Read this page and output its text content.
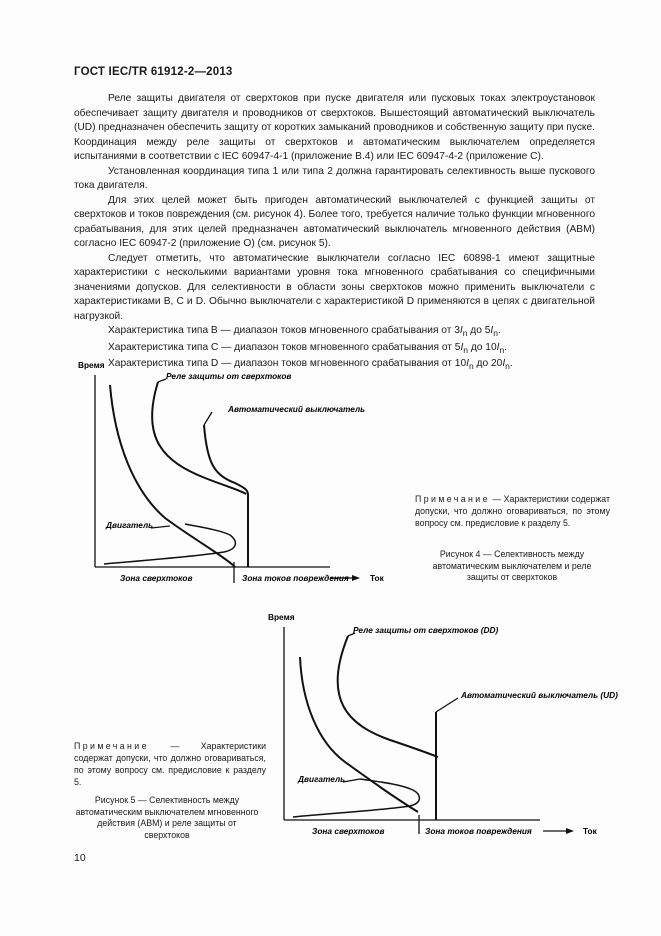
ГОСТ IEC/TR 61912-2—2013

Реле защиты двигателя от сверхтоков при пуске двигателя или пусковых токах электроустановок обеспечивает защиту двигателя и проводников от сверхтоков. Вышестоящий автоматический выключатель (UD) предназначен обеспечить защиту от коротких замыканий проводников и собственную защиту при пуске. Координация между реле защиты от сверхтоков и автоматическим выключателем определяется испытаниями в соответствии с IEC 60947-4-1 (приложение В.4) или IEC 60947-4-2 (приложение С).

Установленная координация типа 1 или типа 2 должна гарантировать селективность выше пускового тока двигателя.

Для этих целей может быть пригоден автоматический выключателей с функцией защиты от сверхтоков и токов повреждения (см. рисунок 4). Более того, требуется наличие только функции мгновенного срабатывания, для этих целей предназначен автоматический выключатель мгновенного действия (АВМ) согласно IEC 60947-2 (приложение О) (см. рисунок 5).

Следует отметить, что автоматические выключатели согласно IEC 60898-1 имеют защитные характеристики с несколькими вариантами уровня тока мгновенного срабатывания со специфичными значениями допусков. Для селективности в области зоны сверхтоков можно применить выключатели с характеристиками В, С и D. Обычно выключатели с характеристикой D применяются в цепях с двигательной нагрузкой.

Характеристика типа В — диапазон токов мгновенного срабатывания от $3I_n$ до $5I_n$.

Характеристика типа С — диапазон токов мгновенного срабатывания от $5I_n$ до $10I_n$.

Характеристика типа D — диапазон токов мгновенного срабатывания от $10I_n$ до $20I_n$.

Время
Реле защиты от сверхтоков
Автоматический выключатель
Двигатель
Зона сверхтоков	Зона токов повреждения	Ток
Примечание — Характеристики содержат допуски, что должно оговариваться, по этому вопросу см. предисловие к разделу 5.
Рисунок 4 — Селективность между автоматическим выключателем и реле защиты от сверхтоков
Время
Реле защиты от сверхтоков (DD)
Автоматический выключатель (UD)
Двигатель
Зона сверхтоков	Зона токов повреждения	Ток
Примечание — Характеристики содержат допуски, что должно оговариваться, по этому вопросу см. предисловие к разделу 5.
Рисунок 5 — Селективность между автоматическим выключателем мгновенного действия (АВМ) и реле защиты от сверхтоков
10
